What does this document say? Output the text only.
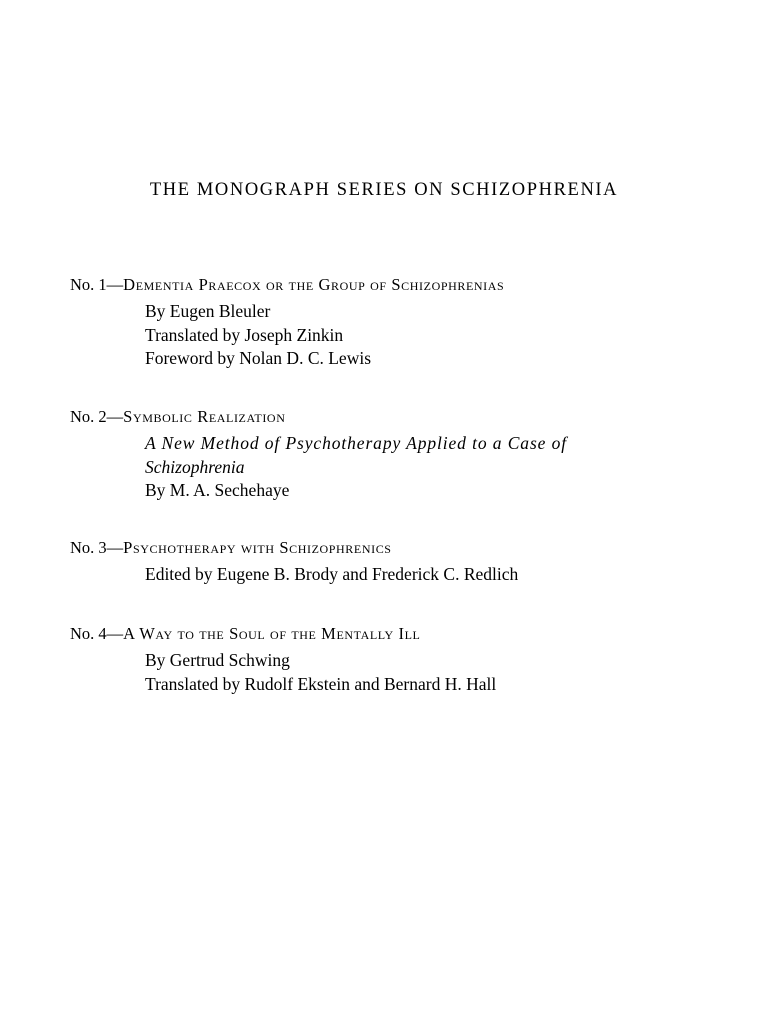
THE MONOGRAPH SERIES ON SCHIZOPHRENIA

No. 1—Dementia Praecox or the Group of Schizophrenias

By Eugen Bleuler
Translated by Joseph Zinkin
Foreword by Nolan D. C. Lewis

No. 2—Symbolic Realization

A New Method of Psychotherapy Applied to a Case of
Schizophrenia
By M. A. Sechehaye

No. 3—Psychotherapy with Schizophrenics

Edited by Eugene B. Brody and Frederick C. Redlich

No. 4—A Way to the Soul of the Mentally Ill

By Gertrud Schwing
Translated by Rudolf Ekstein and Bernard H. Hall
